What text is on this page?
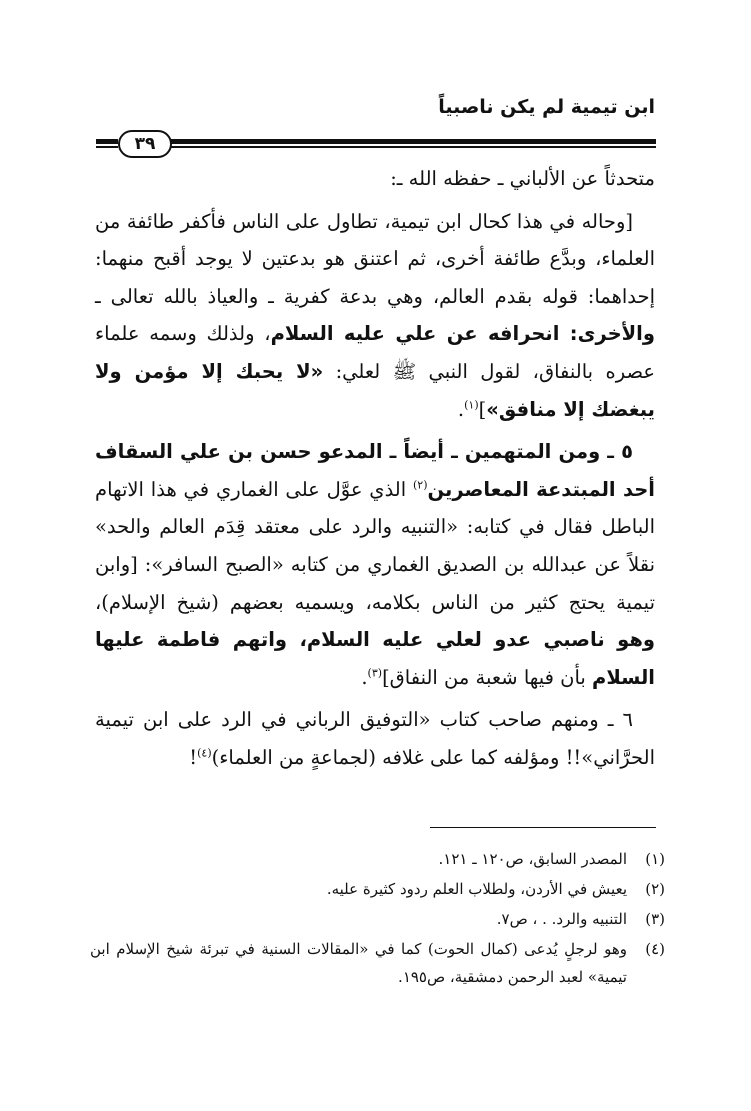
ابن تيمية لم يكن ناصبياً
٣٩

متحدثاً عن الألباني ـ حفظه الله ـ:

[وحاله في هذا كحال ابن تيمية، تطاول على الناس فأكفر طائفة من العلماء، وبدَّع طائفة أخرى، ثم اعتنق هو بدعتين لا يوجد أقبح منهما: إحداهما: قوله بقدم العالم، وهي بدعة كفرية ـ والعياذ بالله تعالى ـ والأخرى: انحرافه عن علي عليه السلام، ولذلك وسمه علماء عصره بالنفاق، لقول النبي ﷺ لعلي: «لا يحبك إلا مؤمن ولا يبغضك إلا منافق»]$^{(١)}$.

٥ ـ ومن المتهمين ـ أيضاً ـ المدعو حسن بن علي السقاف أحد المبتدعة المعاصرين$^{(٢)}$ الذي عوَّل على الغماري في هذا الاتهام الباطل فقال في كتابه: «التنبيه والرد على معتقد قِدَم العالم والحد» نقلاً عن عبدالله بن الصديق الغماري من كتابه «الصبح السافر»: [وابن تيمية يحتج كثير من الناس بكلامه، ويسميه بعضهم (شيخ الإسلام)، وهو ناصبي عدو لعلي عليه السلام، واتهم فاطمة عليها السلام بأن فيها شعبة من النفاق]$^{(٣)}$.

٦ ـ ومنهم صاحب كتاب «التوفيق الرباني في الرد على ابن تيمية الحرَّاني»!! ومؤلفه كما على غلافه (لجماعةٍ من العلماء)$^{(٤)}$!

(١)
المصدر السابق، ص١٢٠ ـ ١٢١.
(٢)
يعيش في الأردن، ولطلاب العلم ردود كثيرة عليه.
(٣)
التنبيه والرد. . ، ص٧.
(٤)
وهو لرجلٍ يُدعى (كمال الحوت) كما في «المقالات السنية في تبرئة شيخ الإسلام ابن تيمية» لعبد الرحمن دمشقية، ص١٩٥.
